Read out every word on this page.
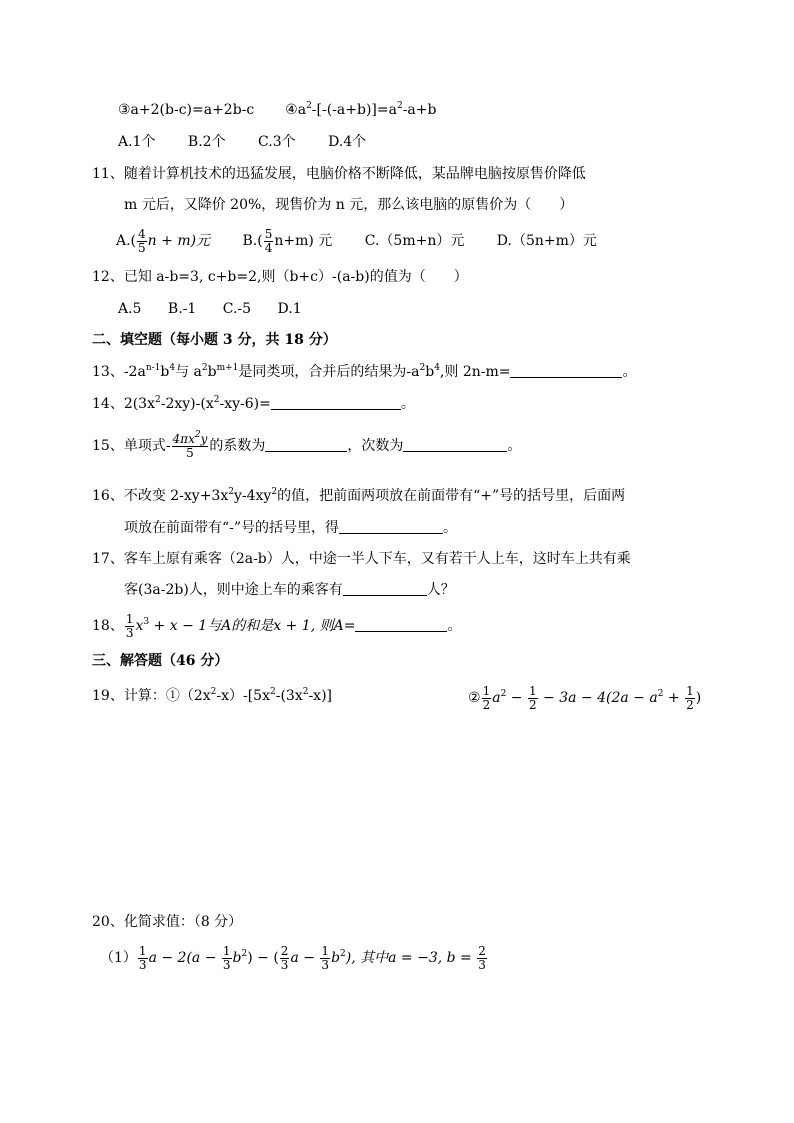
③a+2(b-c)=a+2b-c $④a^2-[-(-a+b)]=a^2-a+b$
A.1个 B.2个 C.3个 D.4个
11、随着计算机技术的迅猛发展，电脑价格不断降低，某品牌电脑按原售价降低
m 元后，又降价 20%，现售价为 n 元，那么该电脑的原售价为（　　）
$A.( \frac{4}{5}$ n + m)元 $B.( \frac{5}{4} n+m)$ 元 C.（5m+n）元 D.（5n+m）元
12、已知 a-b=3, c+b=2,则（b+c）-(a-b)的值为（　　）
A.5 B.-1 C.-5 D.1
二、填空题（每小题 3 分，共 18 分）
13、$-2a^{n-1}b^4$与 $a^2b^{m+1}$是同类项，合并后的结果为$-a^2b^4$,则 2n-m=	。
14、$2(3x^2-2xy)-(x^2-xy-6)=$	。
15、单项式- $\frac{4\pi x^2y}{5}$ 的系数为	，次数为	。
16、不改变 $2-xy+3x^2y-4xy^2$的值，把前面两项放在前面带有“+”号的括号里，后面两
项放在前面带有“-”号的括号里，得	。
17、客车上原有乘客（2a-b）人，中途一半人下车，又有若干人上车，这时车上共有乘
客(3a-2b)人，则中途上车的乘客有	人？
18、 $\frac{1}{3} x^3 + x - 1$与A的和是x + 1, 则A=	。
三、解答题（46 分）
19、计算：$①(2x^2-x)-[5x^2-(3x^2-x)]$	② $\frac{1}{2} a^2 - \frac{1}{2} - 3a - 4(2a - a^2 + \frac{1}{2}$ )
20、化简求值：（8 分）
$(1) \frac{1}{3}$ $a - 2(a - \frac{1}{3} b^2)$ − ( $\frac{2}{3}$ $a - \frac{1}{3} b^2$), 其中a = −3, $b = \frac{2}{3}$
